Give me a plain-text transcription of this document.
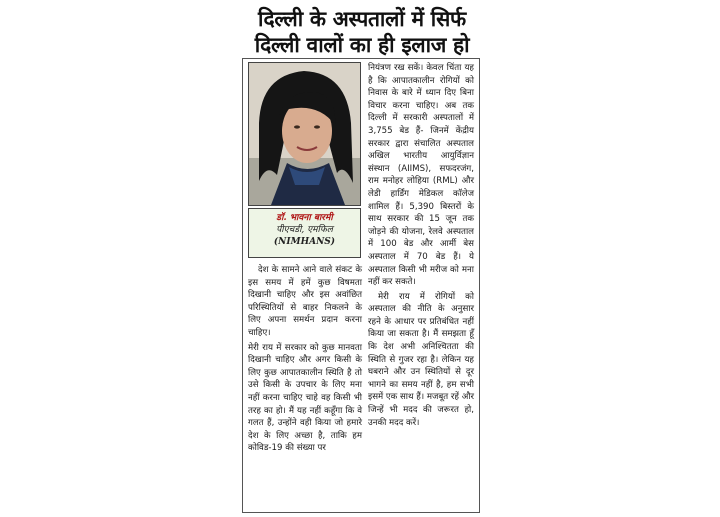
दिल्ली के अस्पतालों में सिर्फ
दिल्ली वालों का ही इलाज हो
डॉ. भावना बारमी
पीएचडी, एमफिल
(NIMHANS)

देश के सामने आने वाले संकट के इस समय में हमें कुछ विषमता दिखानी चाहिए और इस अवांछित परिस्थितियों से बाहर निकलने के लिए अपना समर्थन प्रदान करना चाहिए।

मेरी राय में सरकार को कुछ मानवता दिखानी चाहिए और अगर किसी के लिए कुछ आपातकालीन स्थिति है तो उसे किसी के उपचार के लिए मना नहीं करना चाहिए चाहे वह किसी भी तरह का हो। मैं यह नहीं कहूँगा कि वे गलत हैं, उन्होंने वही किया जो हमारे देश के लिए अच्छा है, ताकि हम कोविड-19 की संख्या पर

नियंत्रण रख सकें। केवल चिंता यह है कि आपातकालीन रोगियों को निवास के बारे में ध्यान दिए बिना विचार करना चाहिए। अब तक दिल्ली में सरकारी अस्पतालों में 3,755 बेड हैं- जिनमें केंद्रीय सरकार द्वारा संचालित अस्पताल अखिल भारतीय आयुर्विज्ञान संस्थान (AIIMS), सफदरजंग, राम मनोहर लोहिया (RML) और लेडी हार्डिंग मेडिकल कॉलेज शामिल हैं। 5,390 बिस्तरों के साथ सरकार की 15 जून तक जोड़ने की योजना, रेलवे अस्पताल में 100 बेड और आर्मी बेस अस्पताल में 70 बेड हैं। ये अस्पताल किसी भी मरीज को मना नहीं कर सकते।

मेरी राय में रोगियों को अस्पताल की नीति के अनुसार रहने के आधार पर प्रतिबंधित नहीं किया जा सकता है। मैं समझता हूँ कि देश अभी अनिश्चितता की स्थिति से गुजर रहा है। लेकिन यह घबराने और उन स्थितियों से दूर भागने का समय नहीं है, हम सभी इसमें एक साथ हैं। मजबूत रहें और जिन्हें भी मदद की जरूरत हो, उनकी मदद करें।
